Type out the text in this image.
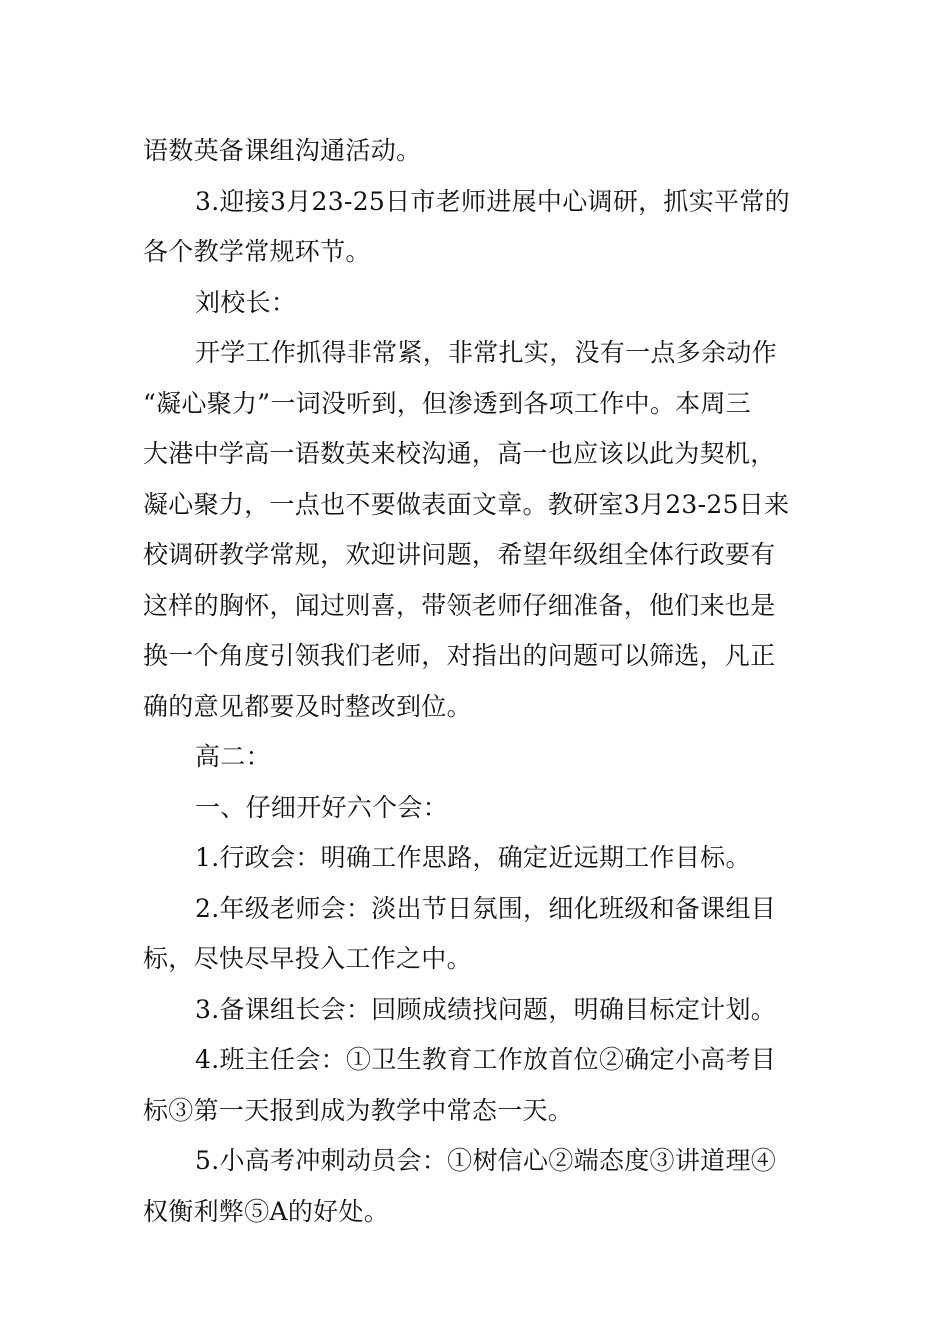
语数英备课组沟通活动。
3.迎接3月23-25日市老师进展中心调研，抓实平常的
各个教学常规环节。
刘校长：
开学工作抓得非常紧，非常扎实，没有一点多余动作
“凝心聚力”一词没听到，但渗透到各项工作中。本周三
大港中学高一语数英来校沟通，高一也应该以此为契机，
凝心聚力，一点也不要做表面文章。教研室3月23-25日来
校调研教学常规，欢迎讲问题，希望年级组全体行政要有
这样的胸怀，闻过则喜，带领老师仔细准备，他们来也是
换一个角度引领我们老师，对指出的问题可以筛选，凡正
确的意见都要及时整改到位。
高二：
一、仔细开好六个会：
1.行政会：明确工作思路，确定近远期工作目标。
2.年级老师会：淡出节日氛围，细化班级和备课组目
标，尽快尽早投入工作之中。
3.备课组长会：回顾成绩找问题，明确目标定计划。
4.班主任会：①卫生教育工作放首位②确定小高考目
标③第一天报到成为教学中常态一天。
5.小高考冲刺动员会：①树信心②端态度③讲道理④
权衡利弊⑤A的好处。
